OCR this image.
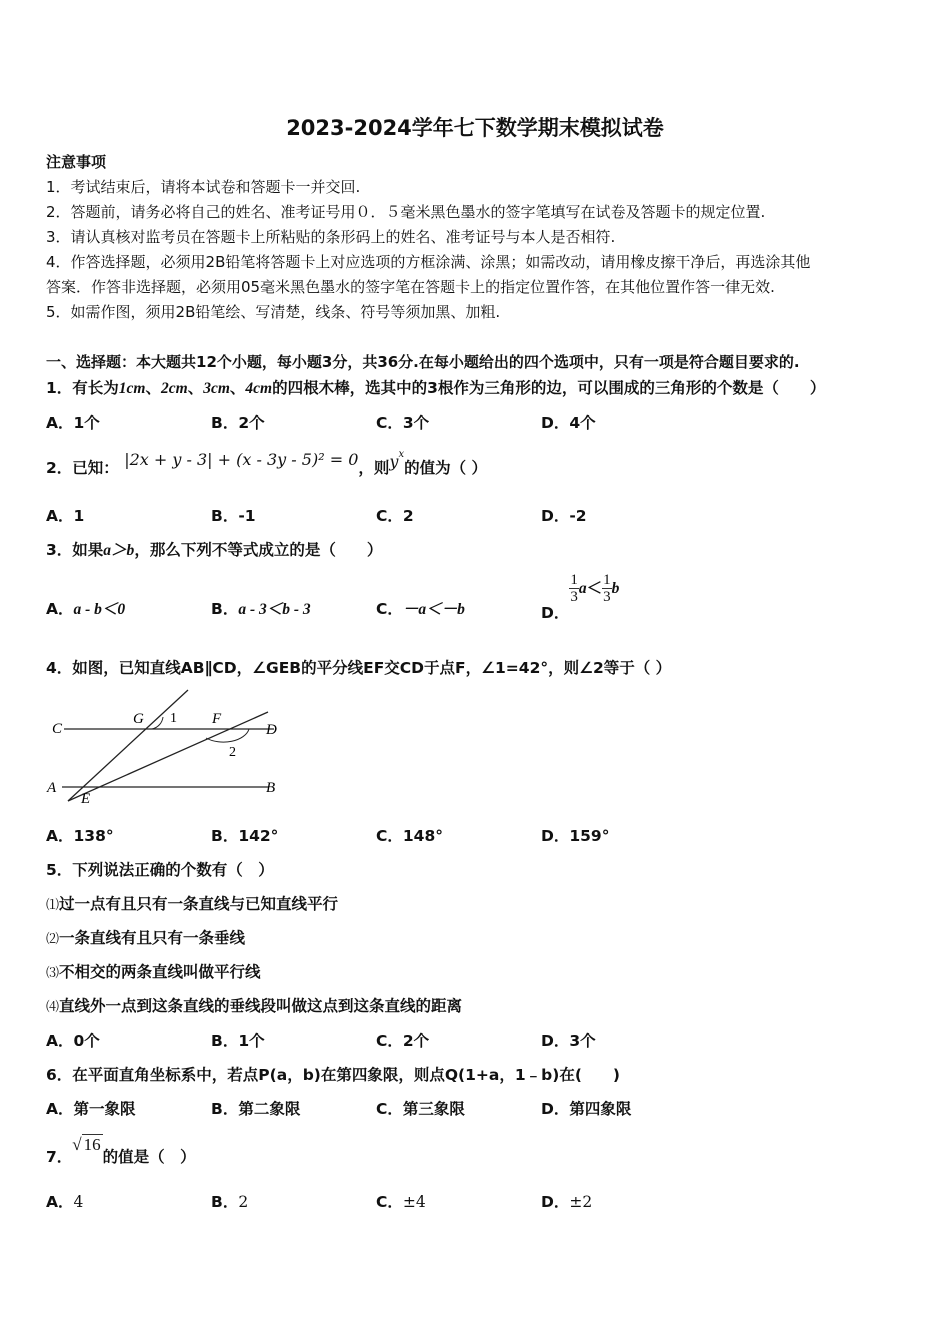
2023-2024学年七下数学期末模拟试卷
注意事项
1．考试结束后，请将本试卷和答题卡一并交回.
2．答题前，请务必将自己的姓名、准考证号用０．５毫米黑色墨水的签字笔填写在试卷及答题卡的规定位置.
3．请认真核对监考员在答题卡上所粘贴的条形码上的姓名、准考证号与本人是否相符.
4．作答选择题，必须用2B铅笔将答题卡上对应选项的方框涂满、涂黑；如需改动，请用橡皮擦干净后，再选涂其他
答案．作答非选择题，必须用05毫米黑色墨水的签字笔在答题卡上的指定位置作答，在其他位置作答一律无效.
5．如需作图，须用2B铅笔绘、写清楚，线条、符号等须加黑、加粗.
一、选择题：本大题共12个小题，每小题3分，共36分.在每小题给出的四个选项中，只有一项是符合题目要求的.
1．有长为1cm、2cm、3cm、4cm的四根木棒，选其中的3根作为三角形的边，可以围成的三角形的个数是（　　）
A．1个	B．2个	C．3个	D．4个
2．已知： |2x + y - 3| + (x - 3y - 5)² = 0，则$y^x$的值为（ ）
A．1	B．-1	C．2	D．-2
3．如果a＞b，那么下列不等式成立的是（　　）
A．a - b＜0	B．a - 3＜b - 3	C．－a＜－b	D．
$\frac{1}{3} a< \frac{1}{3}$ b
4．如图，已知直线AB∥CD，∠GEB的平分线EF交CD于点F，∠1=42°，则∠2等于（ ）
C
G 1 F
D
2
A
E
B
A．138°	B．142°	C．148°	D．159°
5．下列说法正确的个数有（　）
⑴过一点有且只有一条直线与已知直线平行
⑵一条直线有且只有一条垂线
⑶不相交的两条直线叫做平行线
⑷直线外一点到这条直线的垂线段叫做这点到这条直线的距离
A．0个	B．1个	C．2个	D．3个
6．在平面直角坐标系中，若点P(a，b)在第四象限，则点Q(1+a，1﹣b)在(　　)
A．第一象限	B．第二象限	C．第三象限	D．第四象限
7．√ 16的值是（　）
A．4	B．2	C．±4	D．±2
